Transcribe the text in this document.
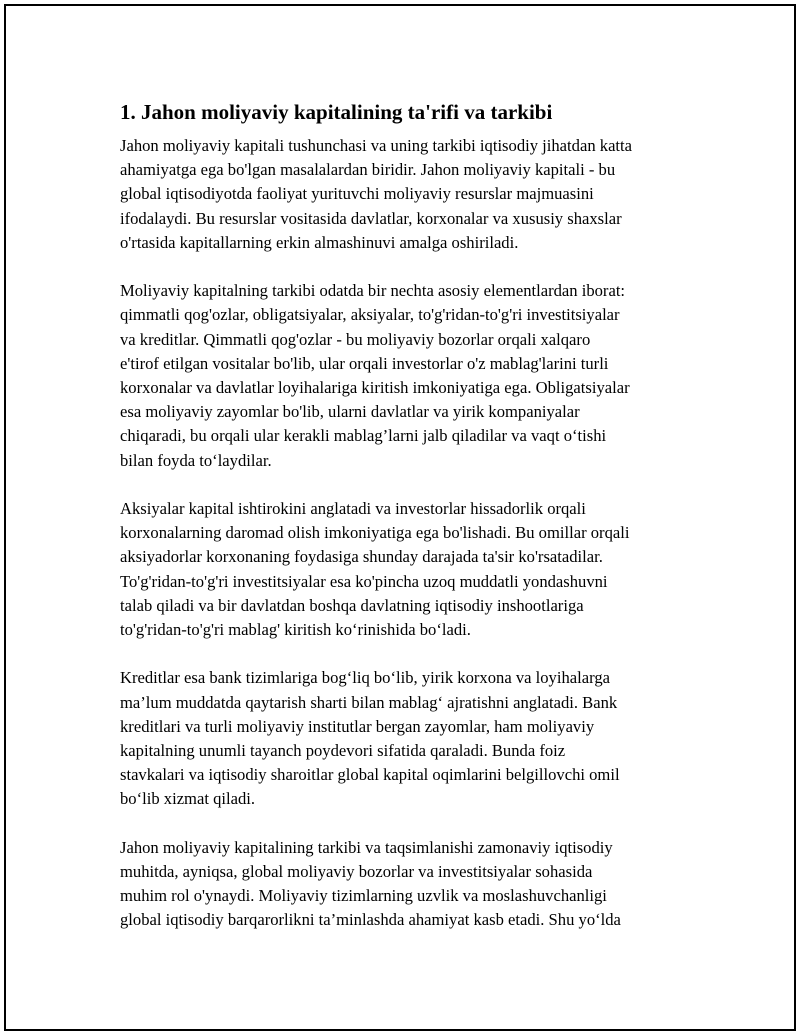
1. Jahon moliyaviy kapitalining ta'rifi va tarkibi

Jahon moliyaviy kapitali tushunchasi va uning tarkibi iqtisodiy jihatdan katta
ahamiyatga ega bo'lgan masalalardan biridir. Jahon moliyaviy kapitali - bu
global iqtisodiyotda faoliyat yurituvchi moliyaviy resurslar majmuasini
ifodalaydi. Bu resurslar vositasida davlatlar, korxonalar va xususiy shaxslar
o'rtasida kapitallarning erkin almashinuvi amalga oshiriladi.

Moliyaviy kapitalning tarkibi odatda bir nechta asosiy elementlardan iborat:
qimmatli qog'ozlar, obligatsiyalar, aksiyalar, to'g'ridan-to'g'ri investitsiyalar
va kreditlar. Qimmatli qog'ozlar - bu moliyaviy bozorlar orqali xalqaro
e'tirof etilgan vositalar bo'lib, ular orqali investorlar o'z mablag'larini turli
korxonalar va davlatlar loyihalariga kiritish imkoniyatiga ega. Obligatsiyalar
esa moliyaviy zayomlar bo'lib, ularni davlatlar va yirik kompaniyalar
chiqaradi, bu orqali ular kerakli mablag’larni jalb qiladilar va vaqt o‘tishi
bilan foyda to‘laydilar.

Aksiyalar kapital ishtirokini anglatadi va investorlar hissadorlik orqali
korxonalarning daromad olish imkoniyatiga ega bo'lishadi. Bu omillar orqali
aksiyadorlar korxonaning foydasiga shunday darajada ta'sir ko'rsatadilar.
To'g'ridan-to'g'ri investitsiyalar esa ko'pincha uzoq muddatli yondashuvni
talab qiladi va bir davlatdan boshqa davlatning iqtisodiy inshootlariga
to'g'ridan-to'g'ri mablag' kiritish ko‘rinishida bo‘ladi.

Kreditlar esa bank tizimlariga bog‘liq bo‘lib, yirik korxona va loyihalarga
ma’lum muddatda qaytarish sharti bilan mablag‘ ajratishni anglatadi. Bank
kreditlari va turli moliyaviy institutlar bergan zayomlar, ham moliyaviy
kapitalning unumli tayanch poydevori sifatida qaraladi. Bunda foiz
stavkalari va iqtisodiy sharoitlar global kapital oqimlarini belgillovchi omil
bo‘lib xizmat qiladi.

Jahon moliyaviy kapitalining tarkibi va taqsimlanishi zamonaviy iqtisodiy
muhitda, ayniqsa, global moliyaviy bozorlar va investitsiyalar sohasida
muhim rol o'ynaydi. Moliyaviy tizimlarning uzvlik va moslashuvchanligi
global iqtisodiy barqarorlikni ta’minlashda ahamiyat kasb etadi. Shu yo‘lda
